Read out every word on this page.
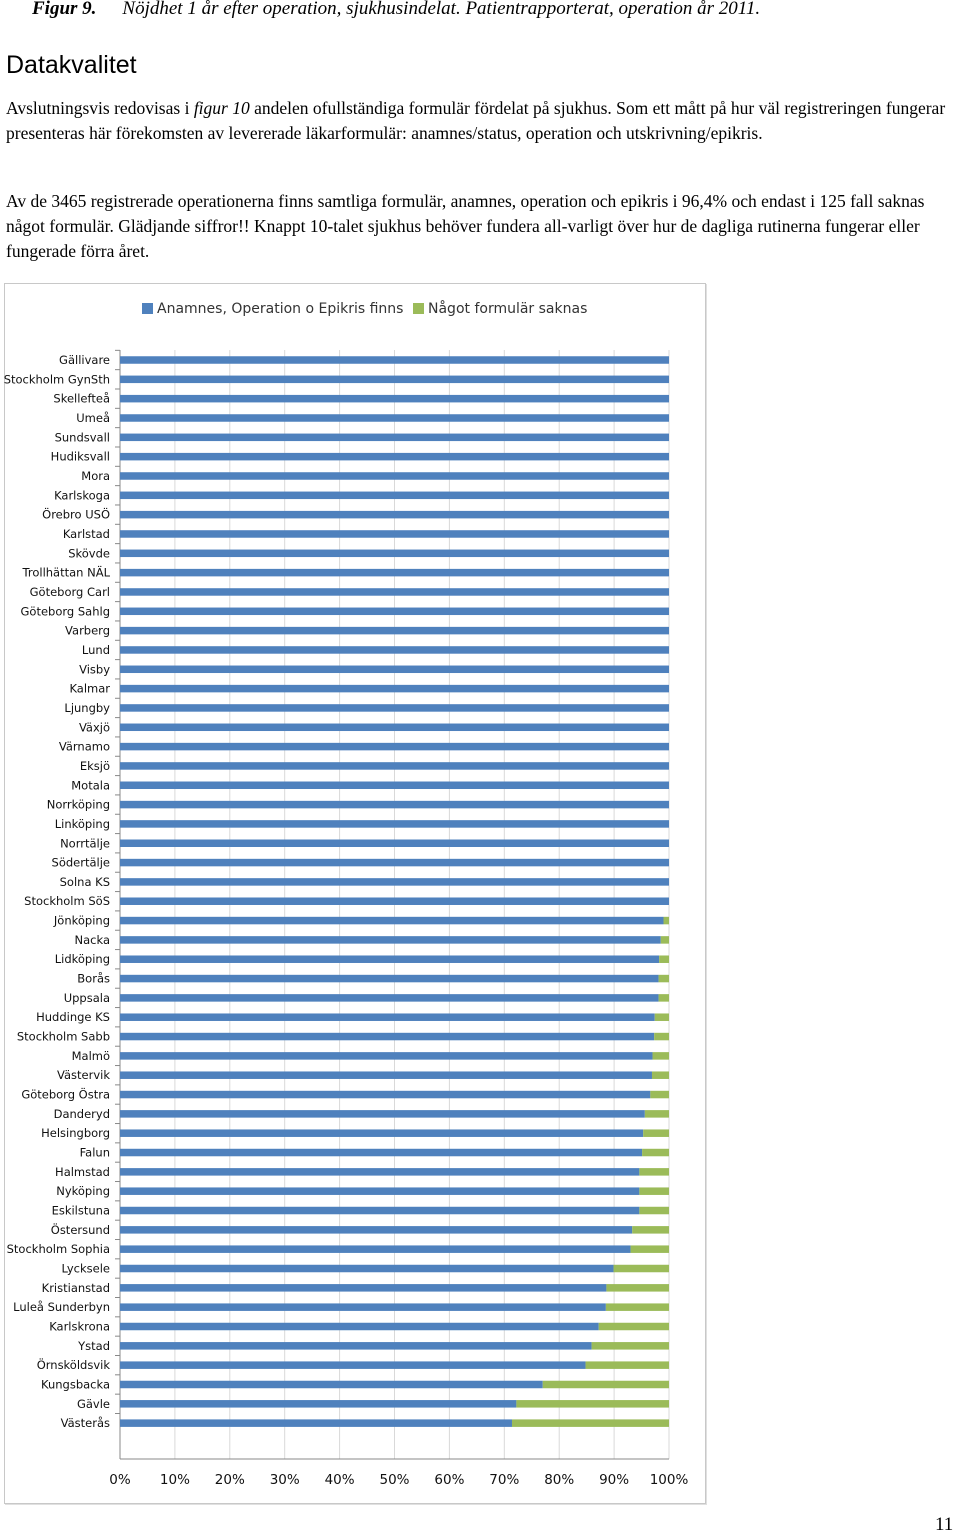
Figur 9. Nöjdhet 1 år efter operation, sjukhusindelat. Patientrapporterat, operation år 2011.
Datakvalitet

Avslutningsvis redovisas i figur 10 andelen ofullständiga formulär fördelat på sjukhus. Som ett mått på hur väl registreringen fungerar presenteras här förekomsten av levererade läkarformulär: anamnes/status, operation och utskrivning/epikris.

Av de 3465 registrerade operationerna finns samtliga formulär, anamnes, operation och epikris i 96,4% och endast i 125 fall saknas något formulär. Glädjande siffror!! Knappt 10-talet sjukhus behöver fundera all-varligt över hur de dagliga rutinerna fungerar eller fungerade förra året.

Anamnes, Operation o Epikris finns	Något formulär saknas
0% 10% 20% 30% 40% 50% 60% 70% 80% 90% 100%
Gällivare
Stockholm GynSth
Skellefteå
Umeå
Sundsvall
Hudiksvall
Mora
Karlskoga
Örebro USÖ
Karlstad
Skövde
Trollhättan NÄL
Göteborg Carl
Göteborg Sahlg
Varberg
Lund
Visby
Kalmar
Ljungby
Växjö
Värnamo
Eksjö
Motala
Norrköping
Linköping
Norrtälje
Södertälje
Solna KS
Stockholm SöS
Jönköping
Nacka
Lidköping
Borås
Uppsala
Huddinge KS
Stockholm Sabb
Malmö
Västervik
Göteborg Östra
Danderyd
Helsingborg
Falun
Halmstad
Nyköping
Eskilstuna
Östersund
Stockholm Sophia
Lycksele
Kristianstad
Luleå Sunderbyn
Karlskrona
Ystad
Örnsköldsvik
Kungsbacka
Gävle
Västerås
11
